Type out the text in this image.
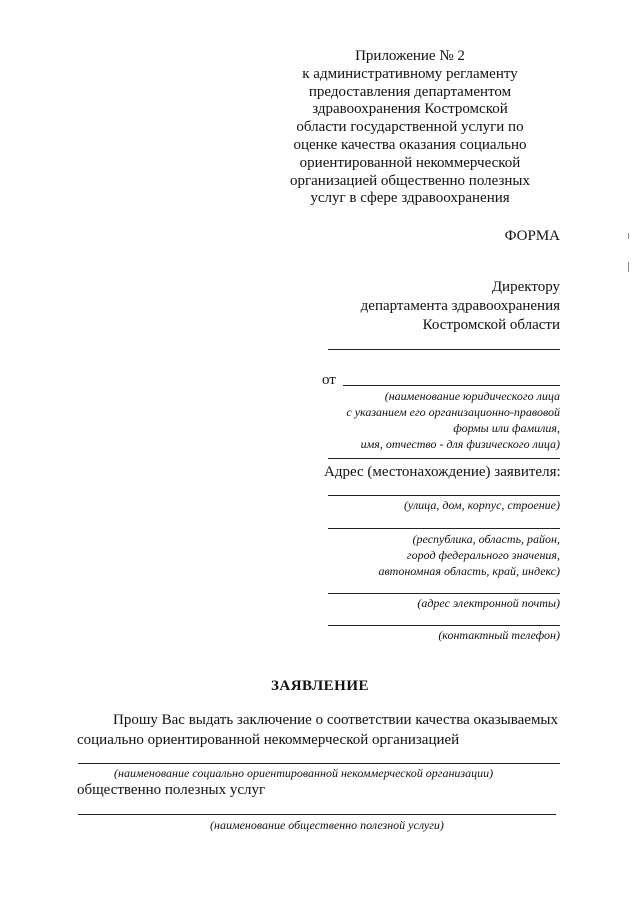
Приложение № 2
к административному регламенту
предоставления департаментом
здравоохранения Костромской
области государственной услуги по
оценке качества оказания социально
ориентированной некоммерческой
организацией общественно полезных
услуг в сфере здравоохранения
ФОРМА
Директору
департамента здравоохранения
Костромской области
от
(наименование юридического лица
с указанием его организационно-правовой
формы или фамилия,
имя, отчество - для физического лица)
Адрес (местонахождение) заявителя:
(улица, дом, корпус, строение)
(республика, область, район,
город федерального значения,
автономная область, край, индекс)
(адрес электронной почты)
(контактный телефон)
ЗАЯВЛЕНИЕ
Прошу Вас выдать заключение о соответствии качества оказываемых
социально ориентированной некоммерческой организацией
(наименование социально ориентированной некоммерческой организации)
общественно полезных услуг
(наименование общественно полезной услуги)
